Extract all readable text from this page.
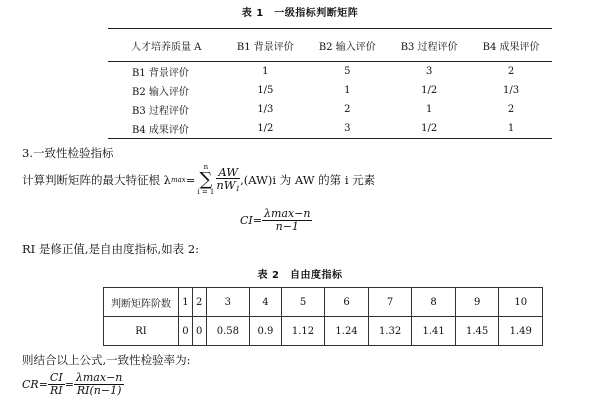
表 1　一级指标判断矩阵
人才培养质量 A	B1 背景评价	B2 输入评价	B3 过程评价	B4 成果评价
B1 背景评价	1	5	3	2
B2 输入评价	1/5	1	1/2	1/3
B3 过程评价	1/3	2	1	2
B4 成果评价	1/2	3	1/2	1
3.一致性检验指标
计算判断矩阵的最大特征根 λ max =
n
∑
$i = 1 \frac{AW}{nW_1} ,(AW)i$ 为 AW 的第 i 元素
$CI= \frac{\lambda\max-n}{n-1}$
RI 是修正值,是自由度指标,如表 2:
表 2　自由度指标
判断矩阵阶数	1	2	3	4	5	6	7	8	9	10
RI	0	0	0.58	0.9	1.12	1.24	1.32	1.41	1.45	1.49
则结合以上公式,一致性检验率为:
$CR= \frac{CI}{RI} = \frac{\lambda\max-n}{RI(n-1)}$
